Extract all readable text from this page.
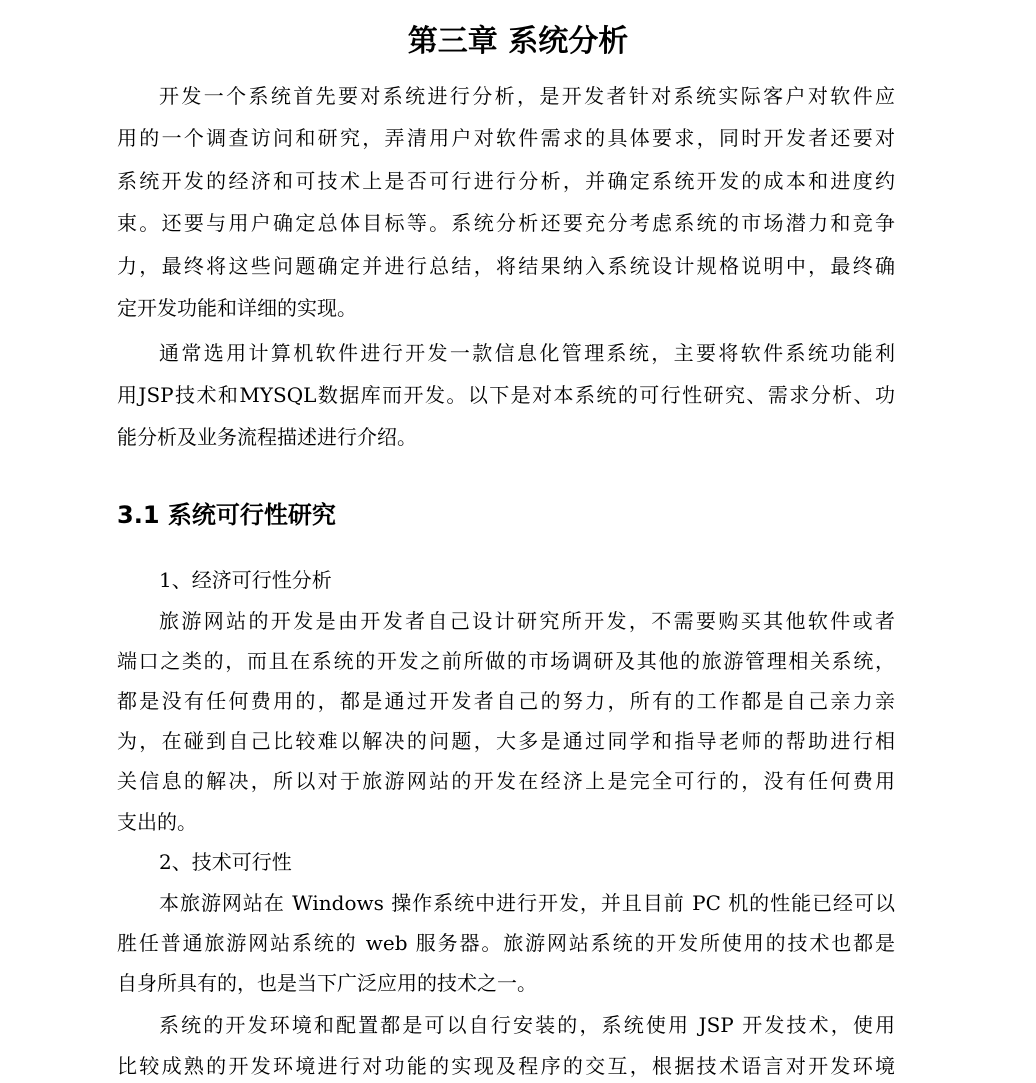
第三章 系统分析
开发一个系统首先要对系统进行分析，是开发者针对系统实际客户对软件应
用的一个调查访问和研究，弄清用户对软件需求的具体要求，同时开发者还要对
系统开发的经济和可技术上是否可行进行分析，并确定系统开发的成本和进度约
束。还要与用户确定总体目标等。系统分析还要充分考虑系统的市场潜力和竞争
力，最终将这些问题确定并进行总结，将结果纳入系统设计规格说明中，最终确
定开发功能和详细的实现。
通常选用计算机软件进行开发一款信息化管理系统，主要将软件系统功能利
用JSP技术和MYSQL数据库而开发。以下是对本系统的可行性研究、需求分析、功
能分析及业务流程描述进行介绍。
3.1 系统可行性研究
1、经济可行性分析
旅游网站的开发是由开发者自己设计研究所开发，不需要购买其他软件或者
端口之类的，而且在系统的开发之前所做的市场调研及其他的旅游管理相关系统，
都是没有任何费用的，都是通过开发者自己的努力，所有的工作都是自己亲力亲
为，在碰到自己比较难以解决的问题，大多是通过同学和指导老师的帮助进行相
关信息的解决，所以对于旅游网站的开发在经济上是完全可行的，没有任何费用
支出的。
2、技术可行性
本旅游网站在 Windows 操作系统中进行开发，并且目前 PC 机的性能已经可以
胜任普通旅游网站系统的 web 服务器。旅游网站系统的开发所使用的技术也都是
自身所具有的，也是当下广泛应用的技术之一。
系统的开发环境和配置都是可以自行安装的，系统使用 JSP 开发技术，使用
比较成熟的开发环境进行对功能的实现及程序的交互，根据技术语言对开发环境
